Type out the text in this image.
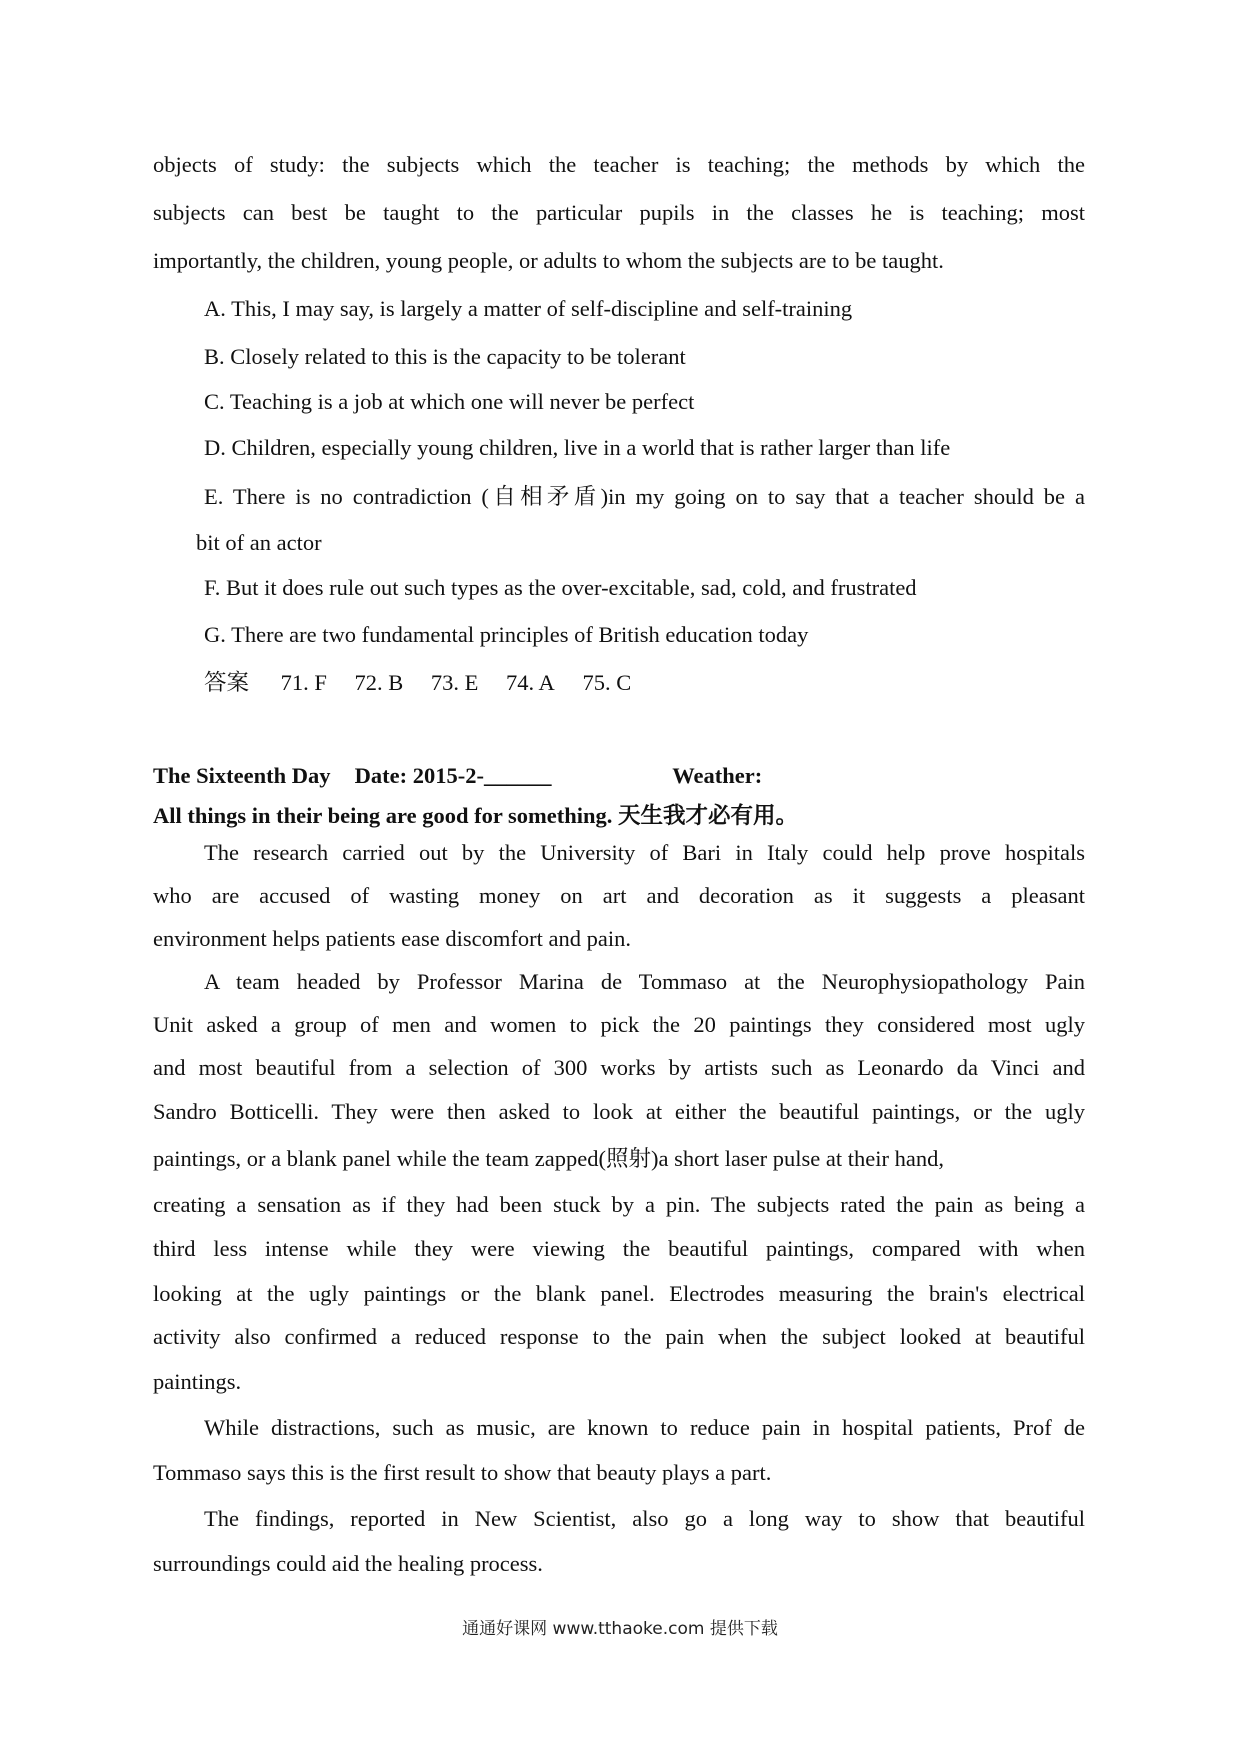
objects of study: the subjects which the teacher is teaching; the methods by which the

subjects can best be taught to the particular pupils in the classes he is teaching; most

importantly, the children, young people, or adults to whom the subjects are to be taught.

A. This, I may say, is largely a matter of self-discipline and self-training

B. Closely related to this is the capacity to be tolerant

C. Teaching is a job at which one will never be perfect

D. Children, especially young children, live in a world that is rather larger than life

E. There is no contradiction (自相矛盾)in my going on to say that a teacher should be a

bit of an actor

F. But it does rule out such types as the over-excitable, sad, cold, and frustrated

G. There are two fundamental principles of British education today

答案 71. F 72. B 73. E 74. A 75. C

The Sixteenth Day Date: 2015-2-______	Weather:

All things in their being are good for something. 天生我才必有用。

The research carried out by the University of Bari in Italy could help prove hospitals

who are accused of wasting money on art and decoration as it suggests a pleasant

environment helps patients ease discomfort and pain.

A team headed by Professor Marina de Tommaso at the Neurophysiopathology Pain

Unit asked a group of men and women to pick the 20 paintings they considered most ugly

and most beautiful from a selection of 300 works by artists such as Leonardo da Vinci and

Sandro Botticelli. They were then asked to look at either the beautiful paintings, or the ugly

paintings, or a blank panel while the team zapped(照射)a short laser pulse at their hand,

creating a sensation as if they had been stuck by a pin. The subjects rated the pain as being a

third less intense while they were viewing the beautiful paintings, compared with when

looking at the ugly paintings or the blank panel. Electrodes measuring the brain's electrical

activity also confirmed a reduced response to the pain when the subject looked at beautiful

paintings.

While distractions, such as music, are known to reduce pain in hospital patients, Prof de

Tommaso says this is the first result to show that beauty plays a part.

The findings, reported in New Scientist, also go a long way to show that beautiful

surroundings could aid the healing process.

通通好课网 www.tthaoke.com 提供下载
